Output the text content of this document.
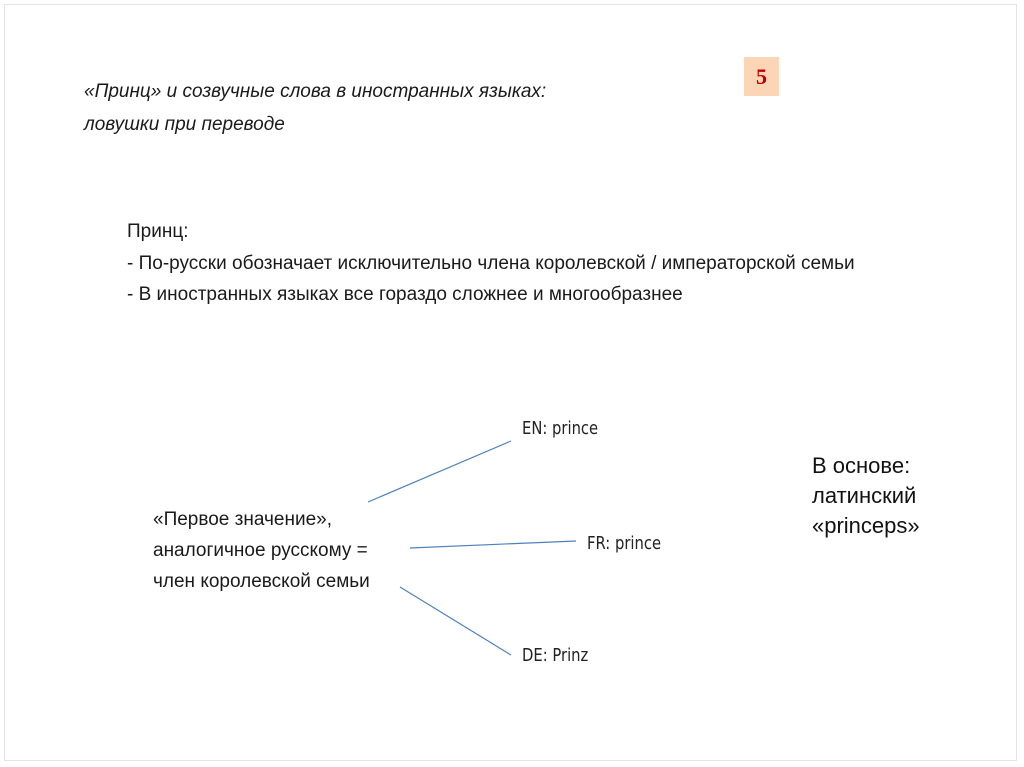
«Принц» и созвучные слова в иностранных языках:
ловушки при переводе
5
Принц:
- По-русски обозначает исключительно члена королевской / императорской семьи
- В иностранных языках все гораздо сложнее и многообразнее
«Первое значение»,
аналогичное русскому =
член королевской семьи
EN: prince
FR: prince
DE: Prinz
В основе:
латинский
«princeps»
